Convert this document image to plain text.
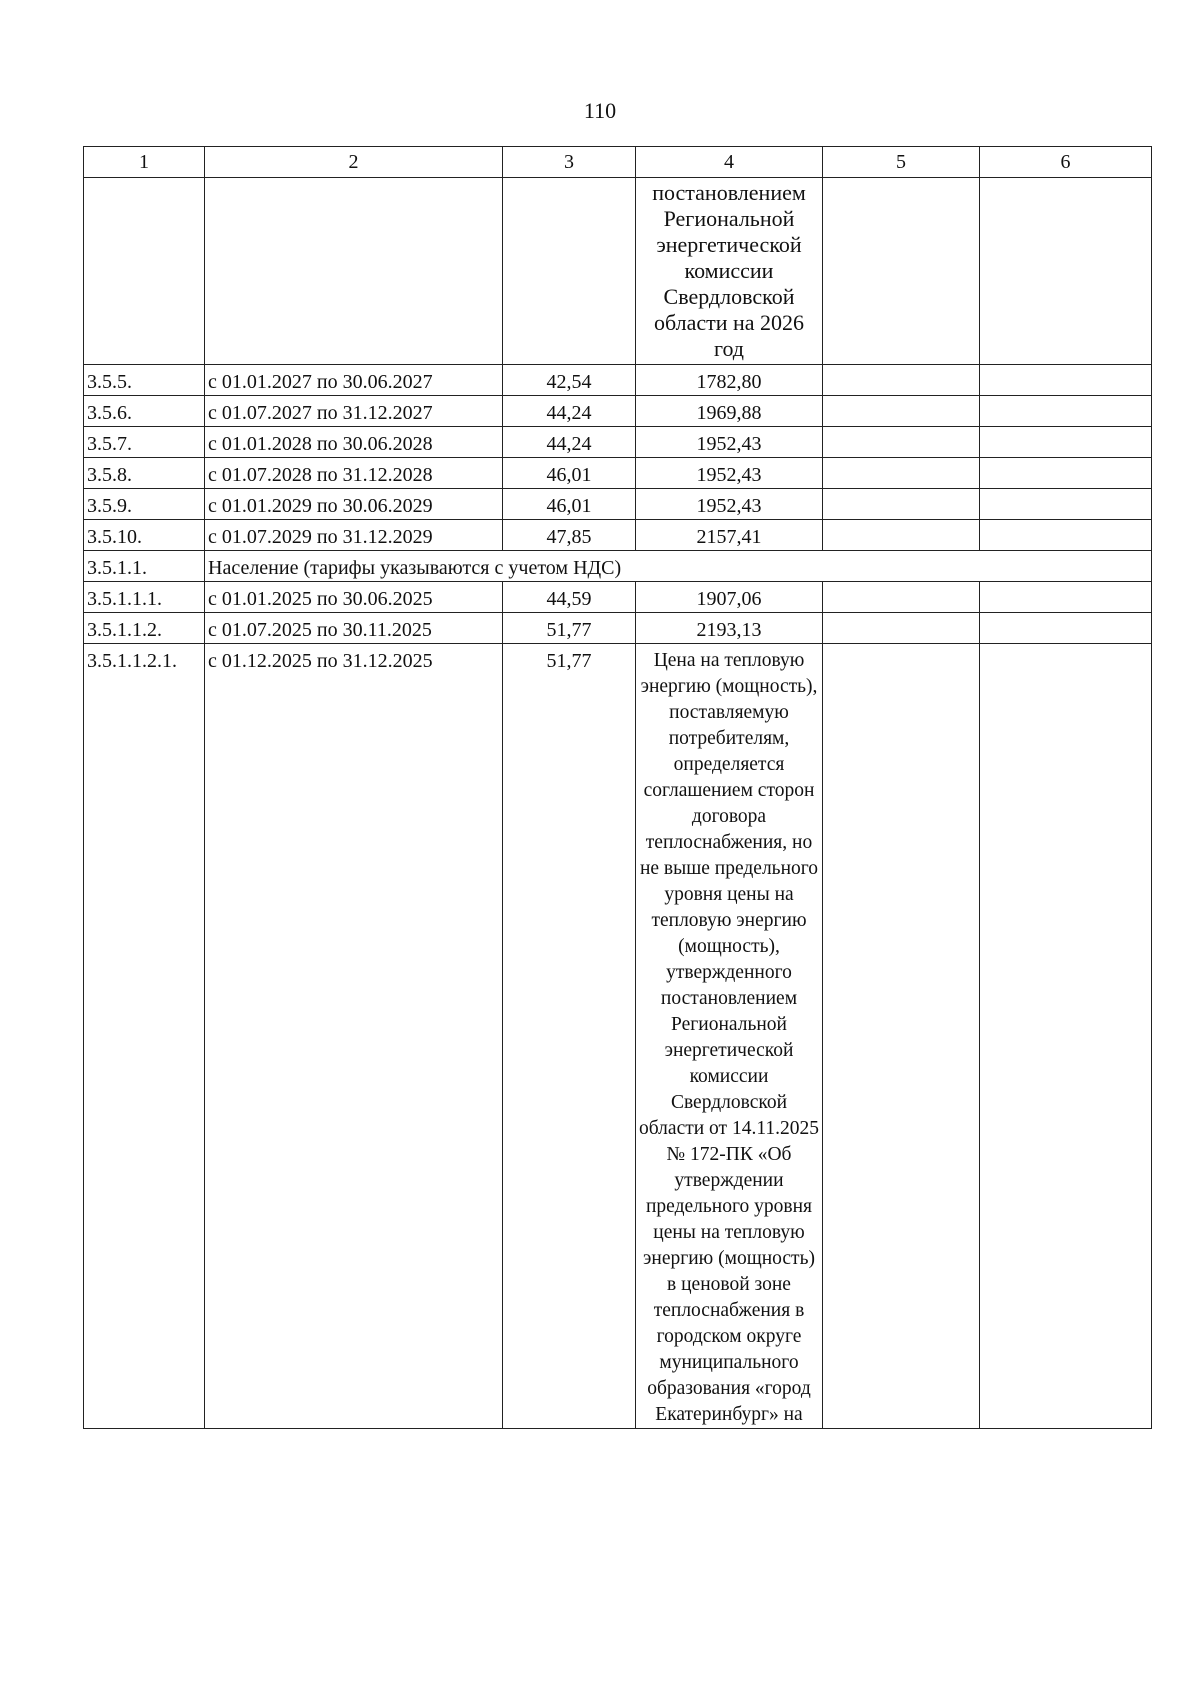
110
1	2	3	4	5	6
			постановлением Региональной энергетической комиссии Свердловской области на 2026 год		
3.5.5.	с 01.01.2027 по 30.06.2027	42,54	1782,80		
3.5.6.	с 01.07.2027 по 31.12.2027	44,24	1969,88		
3.5.7.	с 01.01.2028 по 30.06.2028	44,24	1952,43		
3.5.8.	с 01.07.2028 по 31.12.2028	46,01	1952,43		
3.5.9.	с 01.01.2029 по 30.06.2029	46,01	1952,43		
3.5.10.	с 01.07.2029 по 31.12.2029	47,85	2157,41		
3.5.1.1.	Население (тарифы указываются с учетом НДС)				
3.5.1.1.1.	с 01.01.2025 по 30.06.2025	44,59	1907,06		
3.5.1.1.2.	с 01.07.2025 по 30.11.2025	51,77	2193,13		
3.5.1.1.2.1.	с 01.12.2025 по 31.12.2025	51,77	Цена на тепловую энергию (мощность), поставляемую потребителям, определяется соглашением сторон договора теплоснабжения, но не выше предельного уровня цены на тепловую энергию (мощность), утвержденного постановлением Региональной энергетической комиссии Свердловской области от 14.11.2025 № 172-ПК «Об утверждении предельного уровня цены на тепловую энергию (мощность) в ценовой зоне теплоснабжения в городском округе муниципального образования «город Екатеринбург» на		
